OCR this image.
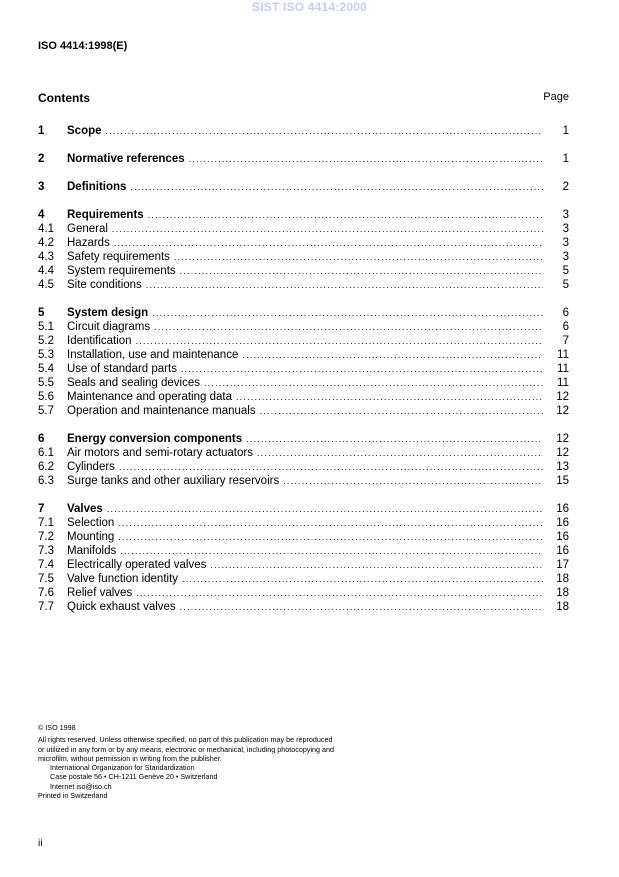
SIST ISO 4414:2000
ISO 4414:1998(E)
Contents	Page
1	Scope .....	1
2	Normative references .....	1
3	Definitions .....	2
4	Requirements .....	3
4.1	General .....	3
4.2	Hazards .....	3
4.3	Safety requirements .....	3
4.4	System requirements .....	5
4.5	Site conditions .....	5
5	System design .....	6
5.1	Circuit diagrams .....	6
5.2	Identification .....	7
5.3	Installation, use and maintenance .....	11
5.4	Use of standard parts .....	11
5.5	Seals and sealing devices .....	11
5.6	Maintenance and operating data .....	12
5.7	Operation and maintenance manuals .....	12
6	Energy conversion components .....	12
6.1	Air motors and semi-rotary actuators .....	12
6.2	Cylinders .....	13
6.3	Surge tanks and other auxiliary reservoirs .....	15
7	Valves .....	16
7.1	Selection .....	16
7.2	Mounting .....	16
7.3	Manifolds .....	16
7.4	Electrically operated valves .....	17
7.5	Valve function identity .....	18
7.6	Relief valves .....	18
7.7	Quick exhaust valves .....	18
© ISO 1998
All rights reserved. Unless otherwise specified, no part of this publication may be reproduced
or utilized in any form or by any means, electronic or mechanical, including photocopying and
microfilm, without permission in writing from the publisher.
International Organization for Standardization
Case postale 56 • CH-1211 Genève 20 • Switzerland
Internet iso@iso.ch
Printed in Switzerland
ii
